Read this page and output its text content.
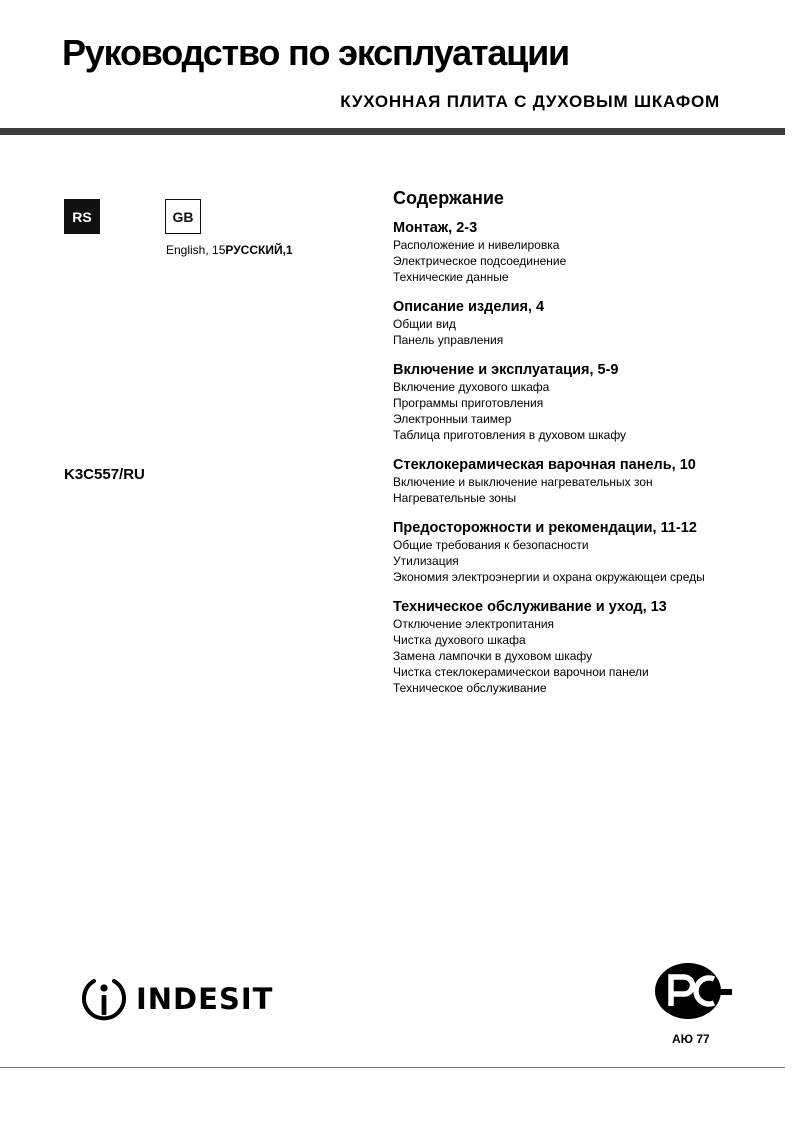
Руководство по эксплуатации
КУХОННАЯ ПЛИТА С ДУХОВЫМ ШКАФОМ
RS	GB
English, 15РУССКИЙ,1
K3C557/RU
Содержание
Монтаж, 2-3
Расположение и нивелировка
Электрическое подсоединение
Технические данные
Описание изделия, 4
Общии вид
Панель управления
Включение и эксплуатация, 5-9
Включение духового шкафа
Программы приготовления
Электронныи таимер
Таблица приготовления в духовом шкафу
Стеклокерамическая варочная панель, 10
Включение и выключение нагревательных зон
Нагревательные зоны
Предосторожности и рекомендации, 11-12
Общие требования к безопасности
Утилизация
Экономия электроэнергии и охрана окружающеи среды
Техническое обслуживание и уход, 13
Отключение электропитания
Чистка духового шкафа
Замена лампочки в духовом шкафу
Чистка стеклокерамическои варочнои панели
Техническое обслуживание
INDESIT
АЮ 77
